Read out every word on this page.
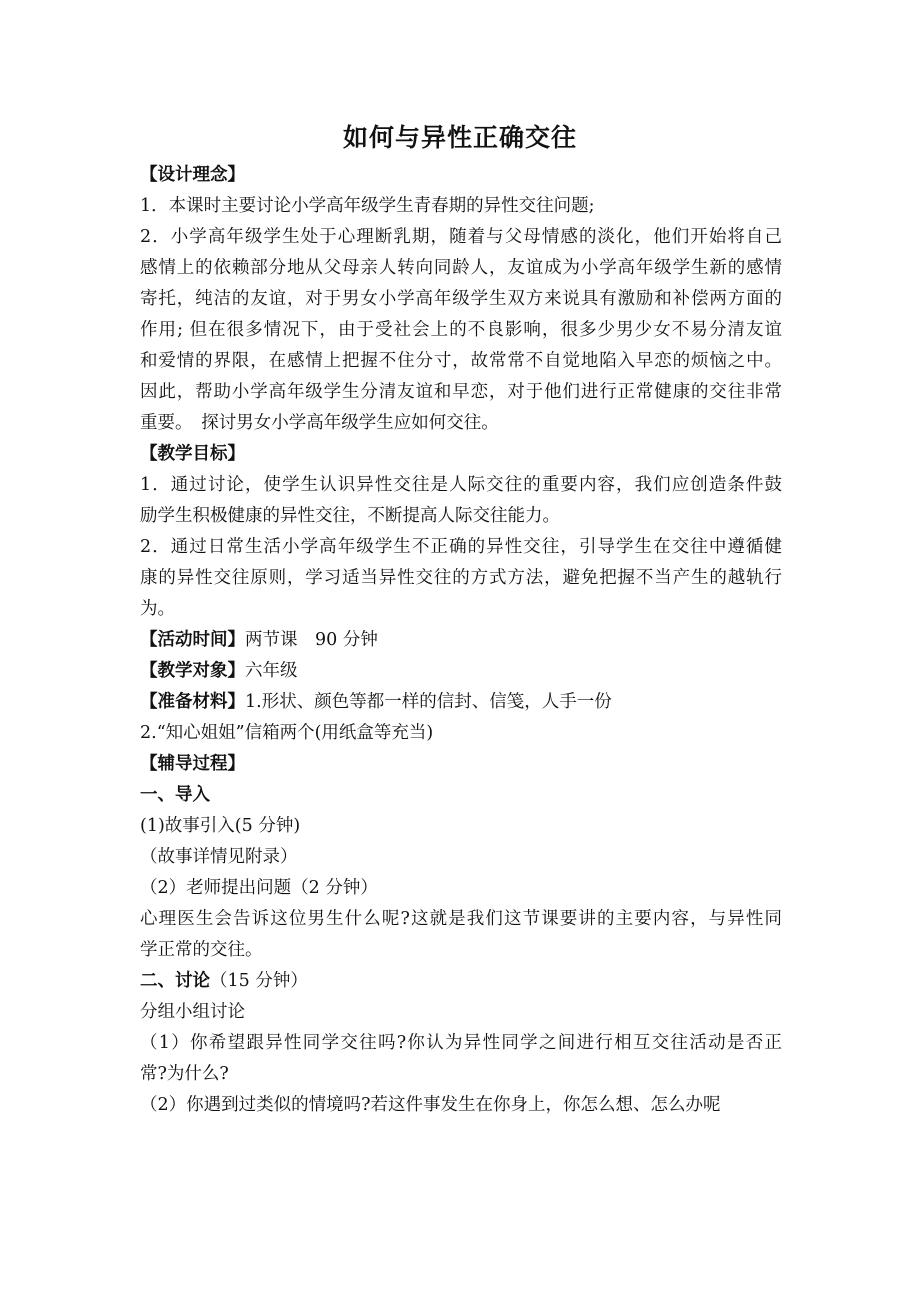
如何与异性正确交往
【设计理念】
1．本课时主要讨论小学高年级学生青春期的异性交往问题;
2．小学高年级学生处于心理断乳期，随着与父母情感的淡化，他们开始将自己
感情上的依赖部分地从父母亲人转向同龄人，友谊成为小学高年级学生新的感情
寄托，纯洁的友谊，对于男女小学高年级学生双方来说具有激励和补偿两方面的
作用; 但在很多情况下，由于受社会上的不良影响，很多少男少女不易分清友谊
和爱情的界限，在感情上把握不住分寸，故常常不自觉地陷入早恋的烦恼之中。
因此，帮助小学高年级学生分清友谊和早恋，对于他们进行正常健康的交往非常
重要。　探讨男女小学高年级学生应如何交往。
【教学目标】
1．通过讨论，使学生认识异性交往是人际交往的重要内容，我们应创造条件鼓
励学生积极健康的异性交往，不断提高人际交往能力。
2．通过日常生活小学高年级学生不正确的异性交往，引导学生在交往中遵循健
康的异性交往原则，学习适当异性交往的方式方法，避免把握不当产生的越轨行
为。
【活动时间】两节课　90 分钟
【教学对象】六年级
【准备材料】1.形状、颜色等都一样的信封、信笺，人手一份
2.“知心姐姐”信箱两个(用纸盒等充当)
【辅导过程】
一、导入
(1)故事引入(5 分钟)
（故事详情见附录）
（2）老师提出问题（2 分钟）
心理医生会告诉这位男生什么呢?这就是我们这节课要讲的主要内容，与异性同
学正常的交往。
二、讨论（15 分钟）
分组小组讨论
（1）你希望跟异性同学交往吗?你认为异性同学之间进行相互交往活动是否正
常?为什么?
（2）你遇到过类似的情境吗?若这件事发生在你身上，你怎么想、怎么办呢
